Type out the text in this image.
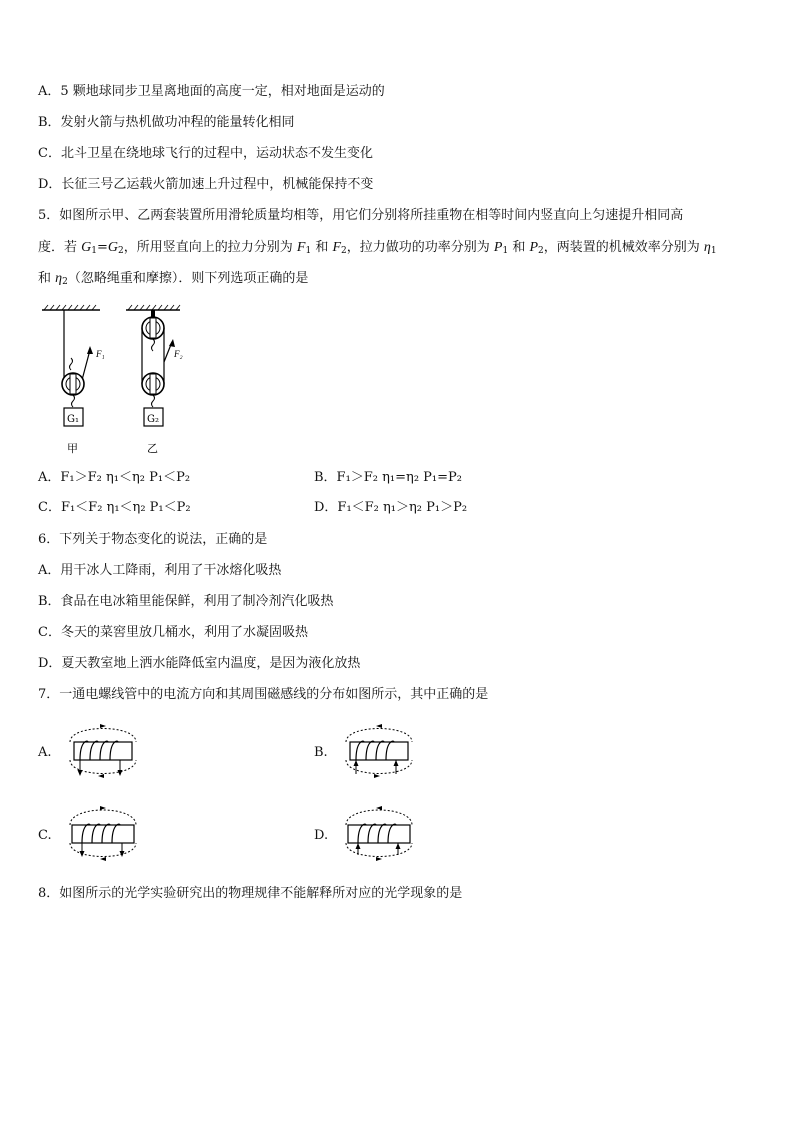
A．5 颗地球同步卫星离地面的高度一定，相对地面是运动的
B．发射火箭与热机做功冲程的能量转化相同
C．北斗卫星在绕地球飞行的过程中，运动状态不发生变化
D．长征三号乙运载火箭加速上升过程中，机械能保持不变
5．如图所示甲、乙两套装置所用滑轮质量均相等，用它们分别将所挂重物在相等时间内竖直向上匀速提升相同高
度．若 $G_1=G_2$，所用竖直向上的拉力分别为 $F_1$ 和 $F_2$，拉力做功的功率分别为 $P_1$ 和 $P_2$，两装置的机械效率分别为 $\eta_1$
和 $\eta_2$（忽略绳重和摩擦）．则下列选项正确的是
F₁
G₁
甲
F₂
G₂
乙
A．F₁＞F₂ η₁＜η₂ P₁＜P₂	B．F₁＞F₂ η₁=η₂ P₁=P₂
C．F₁＜F₂ η₁＜η₂ P₁＜P₂	D．F₁＜F₂ η₁＞η₂ P₁＞P₂
6．下列关于物态变化的说法，正确的是
A．用干冰人工降雨，利用了干冰熔化吸热
B．食品在电冰箱里能保鲜，利用了制冷剂汽化吸热
C．冬天的菜窖里放几桶水，利用了水凝固吸热
D．夏天教室地上洒水能降低室内温度，是因为液化放热
7．一通电螺线管中的电流方向和其周围磁感线的分布如图所示，其中正确的是
A.	B.
C.	D.
8．如图所示的光学实验研究出的物理规律不能解释所对应的光学现象的是
